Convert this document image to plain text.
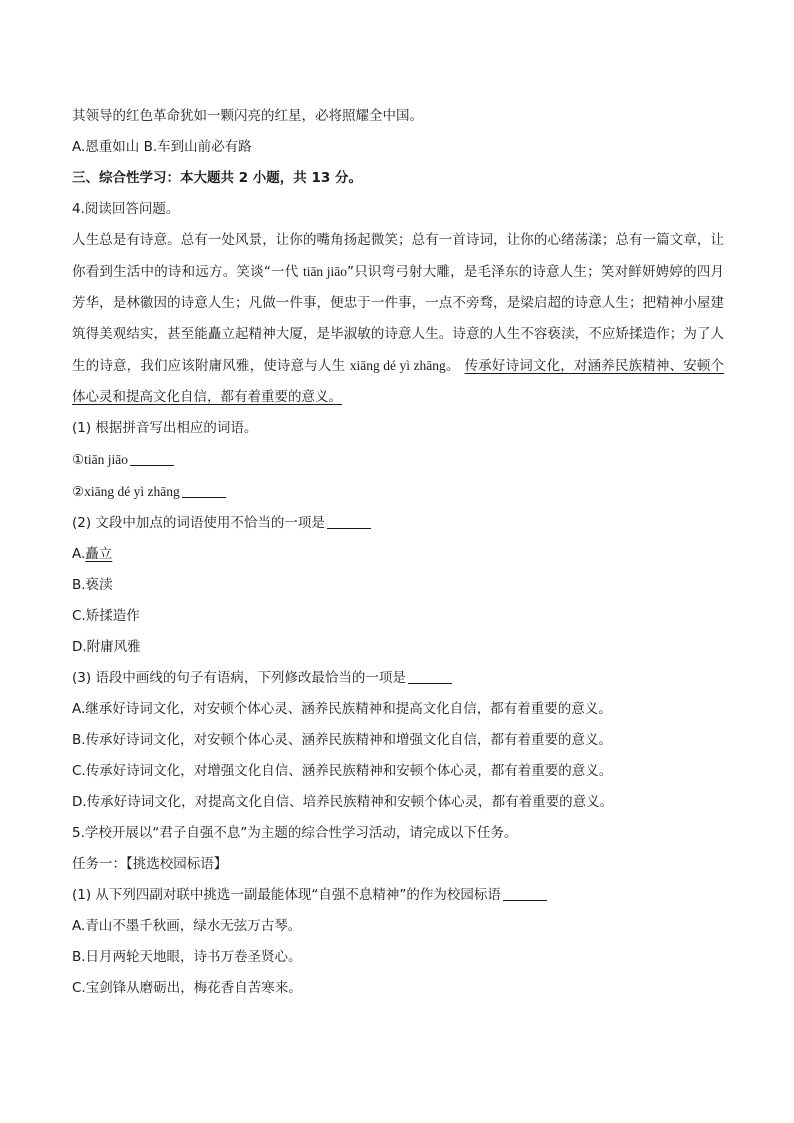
其领导的红色革命犹如一颗闪亮的红星，必将照耀全中国。
A.恩重如山 B.车到山前必有路
三、综合性学习：本大题共 2 小题，共 13 分。
4.阅读回答问题。
人生总是有诗意。总有一处风景，让你的嘴角扬起微笑；总有一首诗词，让你的心绪荡漾；总有一篇文章，让你看到生活中的诗和远方。笑谈“一代 tiān jiāo”只识弯弓射大雕，是毛泽东的诗意人生；笑对鲜妍娉婷的四月芳华，是林徽因的诗意人生；凡做一件事，便忠于一件事，一点不旁骛，是梁启超的诗意人生；把精神小屋建筑得美观结实，甚至能矗立起精神大厦，是毕淑敏的诗意人生。诗意的人生不容亵渎，不应矫揉造作；为了人生的诗意，我们应该附庸风雅，使诗意与人生 xiāng dé yì zhāng。 传承好诗词文化，对涵养民族精神、安顿个体心灵和提高文化自信，都有着重要的意义。
(1) 根据拼音写出相应的词语。
①tiān jiāo
②xiāng dé yì zhāng
(2) 文段中加点的词语使用不恰当的一项是
A.矗立
B.亵渎
C.矫揉造作
D.附庸风雅
(3) 语段中画线的句子有语病，下列修改最恰当的一项是
A.继承好诗词文化，对安顿个体心灵、涵养民族精神和提高文化自信，都有着重要的意义。
B.传承好诗词文化，对安顿个体心灵、涵养民族精神和增强文化自信，都有着重要的意义。
C.传承好诗词文化，对增强文化自信、涵养民族精神和安顿个体心灵，都有着重要的意义。
D.传承好诗词文化，对提高文化自信、培养民族精神和安顿个体心灵，都有着重要的意义。
5.学校开展以“君子自强不息”为主题的综合性学习活动，请完成以下任务。
任务一：【挑选校园标语】
(1) 从下列四副对联中挑选一副最能体现“自强不息精神”的作为校园标语
A.青山不墨千秋画，绿水无弦万古琴。
B.日月两轮天地眼，诗书万卷圣贤心。
C.宝剑锋从磨砺出，梅花香自苦寒来。
